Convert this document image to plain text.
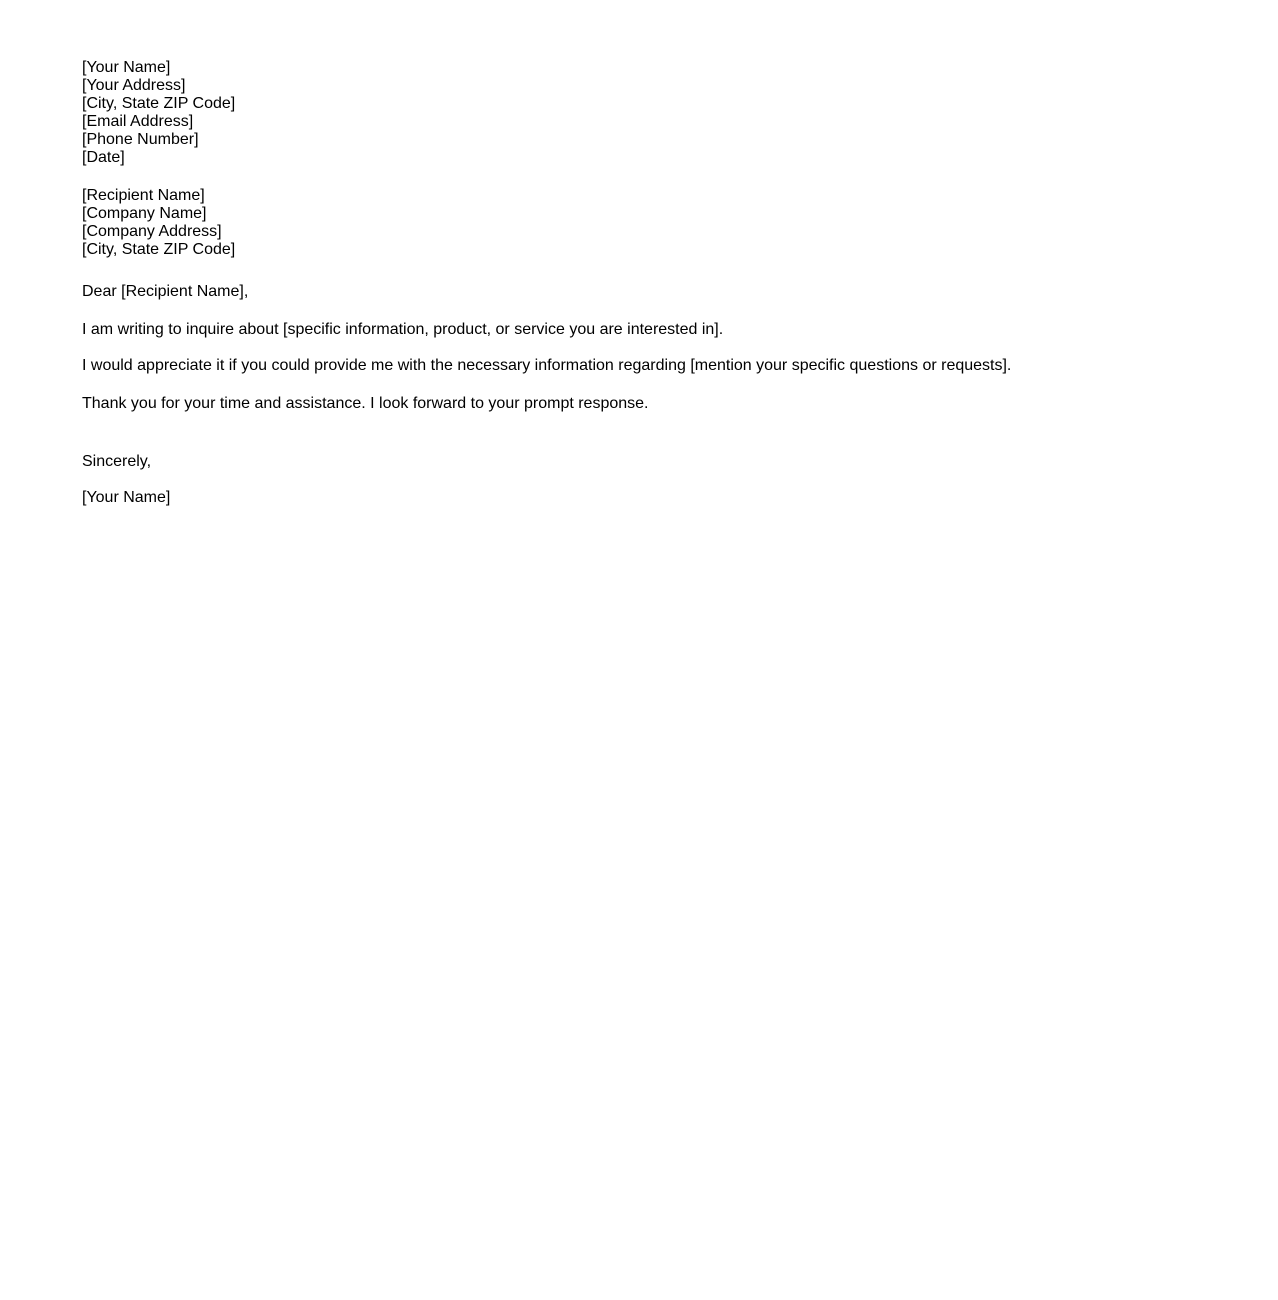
[Your Name]
[Your Address]
[City, State ZIP Code]
[Email Address]
[Phone Number]
[Date]
[Recipient Name]
[Company Name]
[Company Address]
[City, State ZIP Code]
Dear [Recipient Name],
I am writing to inquire about [specific information, product, or service you are interested in].
I would appreciate it if you could provide me with the necessary information regarding [mention your specific questions or requests].
Thank you for your time and assistance. I look forward to your prompt response.
Sincerely,
[Your Name]
